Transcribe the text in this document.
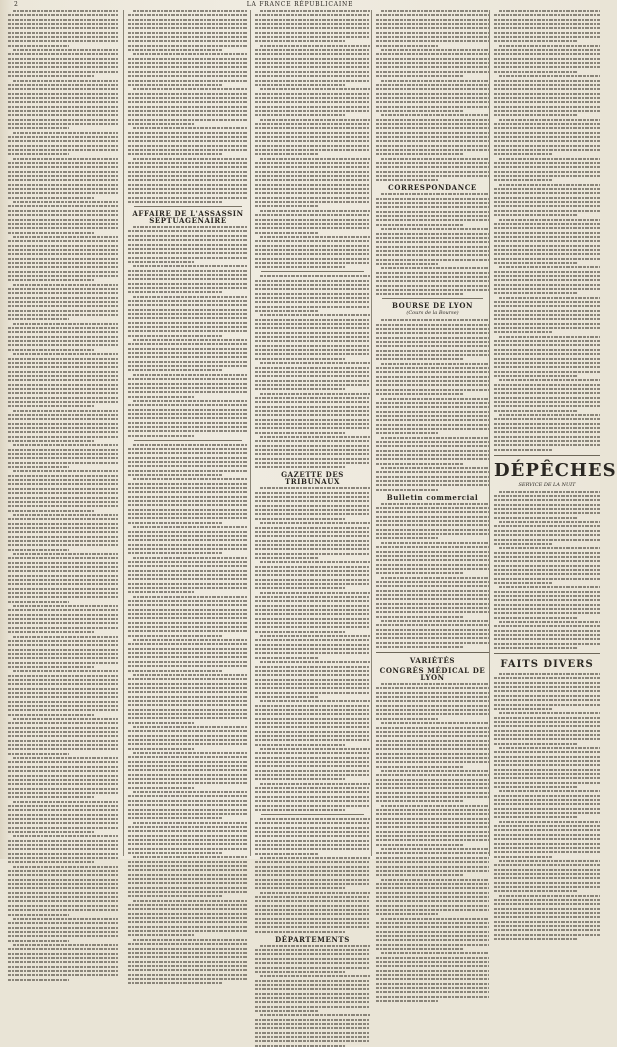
2	LA FRANCE RÉPUBLICAINE
AFFAIRE DE L'ASSASSIN SEPTUAGENAIRE
GAZETTE DES TRIBUNAUX
DÉPARTEMENTS
CORRESPONDANCE
BOURSE DE LYON
(Cours de la Bourse)
Bulletin commercial
VARIÉTÉS
CONGRÈS MÉDICAL DE LYON
DÉPÊCHES
SERVICE DE LA NUIT
FAITS DIVERS
